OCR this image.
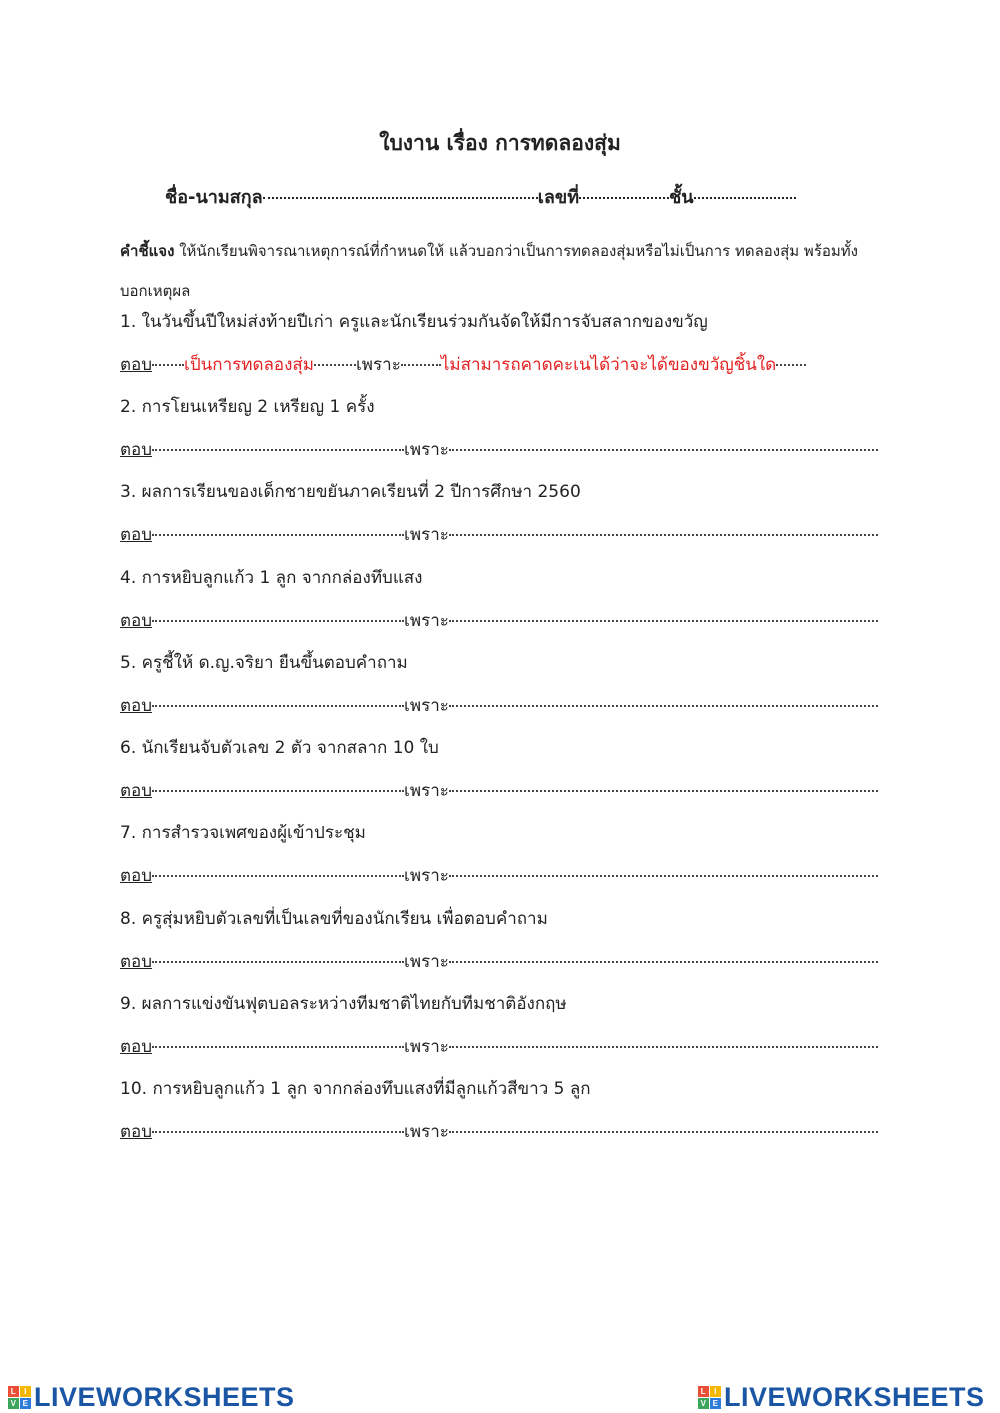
ใบงาน เรื่อง การทดลองสุ่ม
ชื่อ-นามสกุล	เลขที่	ชั้น
คำชี้แจง ให้นักเรียนพิจารณาเหตุการณ์ที่กำหนดให้ แล้วบอกว่าเป็นการทดลองสุ่มหรือไม่เป็นการ ทดลองสุ่ม พร้อมทั้งบอกเหตุผล
1. ในวันขึ้นปีใหม่ส่งท้ายปีเก่า ครูและนักเรียนร่วมกันจัดให้มีการจับสลากของขวัญ
ตอบ เป็นการทดลองสุ่ม เพราะ ไม่สามารถคาดคะเนได้ว่าจะได้ของขวัญชิ้นใด
2. การโยนเหรียญ 2 เหรียญ 1 ครั้ง
ตอบ	เพราะ
3. ผลการเรียนของเด็กชายขยันภาคเรียนที่ 2 ปีการศึกษา 2560
ตอบ	เพราะ
4. การหยิบลูกแก้ว 1 ลูก จากกล่องทึบแสง
ตอบ	เพราะ
5. ครูชี้ให้ ด.ญ.จริยา ยืนขึ้นตอบคำถาม
ตอบ	เพราะ
6. นักเรียนจับตัวเลข 2 ตัว จากสลาก 10 ใบ
ตอบ	เพราะ
7. การสำรวจเพศของผู้เข้าประชุม
ตอบ	เพราะ
8. ครูสุ่มหยิบตัวเลขที่เป็นเลขที่ของนักเรียน เพื่อตอบคำถาม
ตอบ	เพราะ
9. ผลการแข่งขันฟุตบอลระหว่างทีมชาติไทยกับทีมชาติอังกฤษ
ตอบ	เพราะ
10. การหยิบลูกแก้ว 1 ลูก จากกล่องทึบแสงที่มีลูกแก้วสีขาว 5 ลูก
ตอบ	เพราะ
L I
V E LIVEWORKSHEETS	L I
V E LIVEWORKSHEETS
